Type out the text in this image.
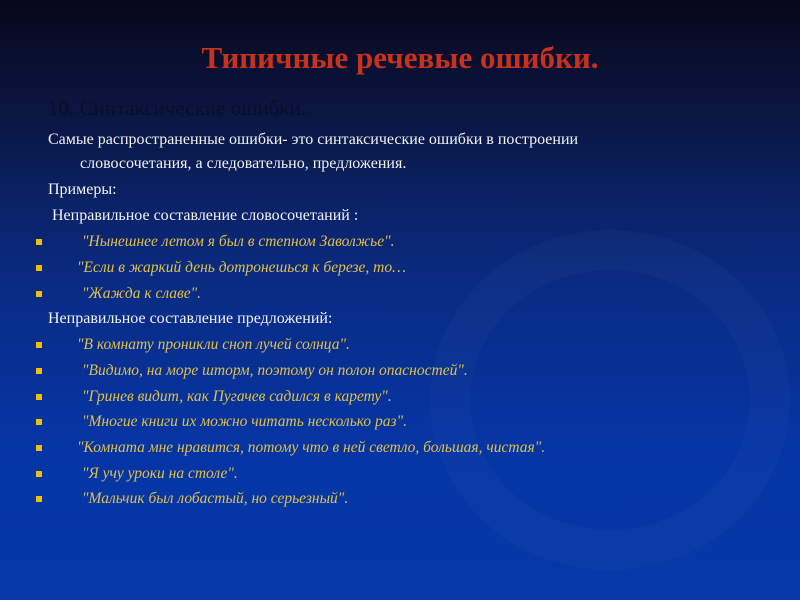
Типичные речевые ошибки.
10. Синтаксические ошибки.
Самые распространенные ошибки- это синтаксические ошибки в построении
словосочетания, а следовательно, предложения.
Примеры:
Неправильное составление словосочетаний :
"Нынешнее летом я был в степном Заволжье".
"Если в жаркий день дотронешься к березе, то…
"Жажда к славе".
Неправильное составление предложений:
"В комнату проникли сноп лучей солнца".
"Видимо, на море шторм, поэтому он полон опасностей".
"Гринев видит, как Пугачев садился в карету".
"Многие книги их можно читать несколько раз".
"Комната мне нравится, потому что в ней светло, большая, чистая".
"Я учу уроки на столе".
"Мальчик был лобастый, но серьезный".
